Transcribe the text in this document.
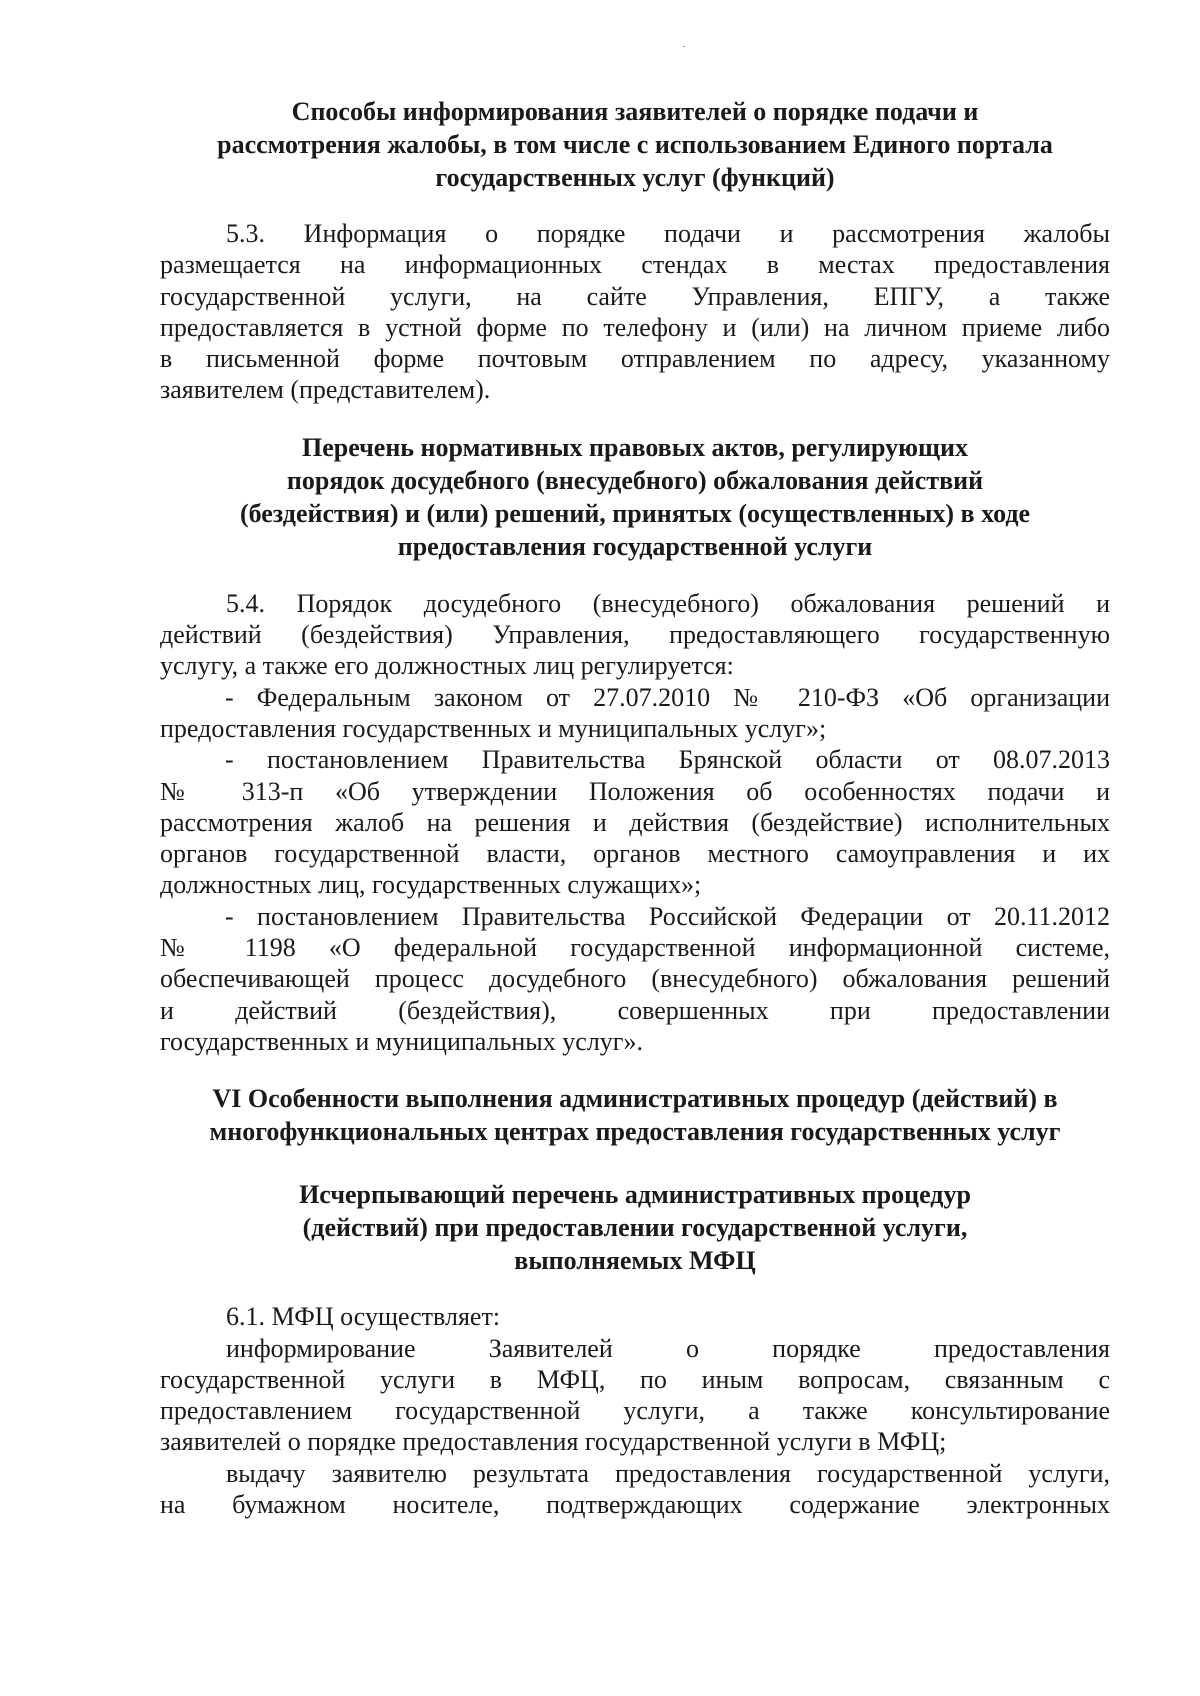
Способы информирования заявителей о порядке подачи и
рассмотрения жалобы, в том числе с использованием Единого портала
государственных услуг (функций)
5.3. Информация о порядке подачи и рассмотрения жалобы
размещается на информационных стендах в местах предоставления
государственной услуги, на сайте Управления, ЕПГУ, а также
предоставляется в устной форме по телефону и (или) на личном приеме либо
в письменной форме почтовым отправлением по адресу, указанному
заявителем (представителем).
Перечень нормативных правовых актов, регулирующих
порядок досудебного (внесудебного) обжалования действий
(бездействия) и (или) решений, принятых (осуществленных) в ходе
предоставления государственной услуги
5.4. Порядок досудебного (внесудебного) обжалования решений и
действий (бездействия) Управления, предоставляющего государственную
услугу, а также его должностных лиц регулируется:
- Федеральным законом от 27.07.2010 № 210-ФЗ «Об организации
предоставления государственных и муниципальных услуг»;
- постановлением Правительства Брянской области от 08.07.2013
№ 313-п «Об утверждении Положения об особенностях подачи и
рассмотрения жалоб на решения и действия (бездействие) исполнительных
органов государственной власти, органов местного самоуправления и их
должностных лиц, государственных служащих»;
- постановлением Правительства Российской Федерации от 20.11.2012
№ 1198 «О федеральной государственной информационной системе,
обеспечивающей процесс досудебного (внесудебного) обжалования решений
и действий (бездействия), совершенных при предоставлении
государственных и муниципальных услуг».
VI Особенности выполнения административных процедур (действий) в
многофункциональных центрах предоставления государственных услуг
Исчерпывающий перечень административных процедур
(действий) при предоставлении государственной услуги,
выполняемых МФЦ
6.1. МФЦ осуществляет:
информирование Заявителей о порядке предоставления
государственной услуги в МФЦ, по иным вопросам, связанным с
предоставлением государственной услуги, а также консультирование
заявителей о порядке предоставления государственной услуги в МФЦ;
выдачу заявителю результата предоставления государственной услуги,
на бумажном носителе, подтверждающих содержание электронных
